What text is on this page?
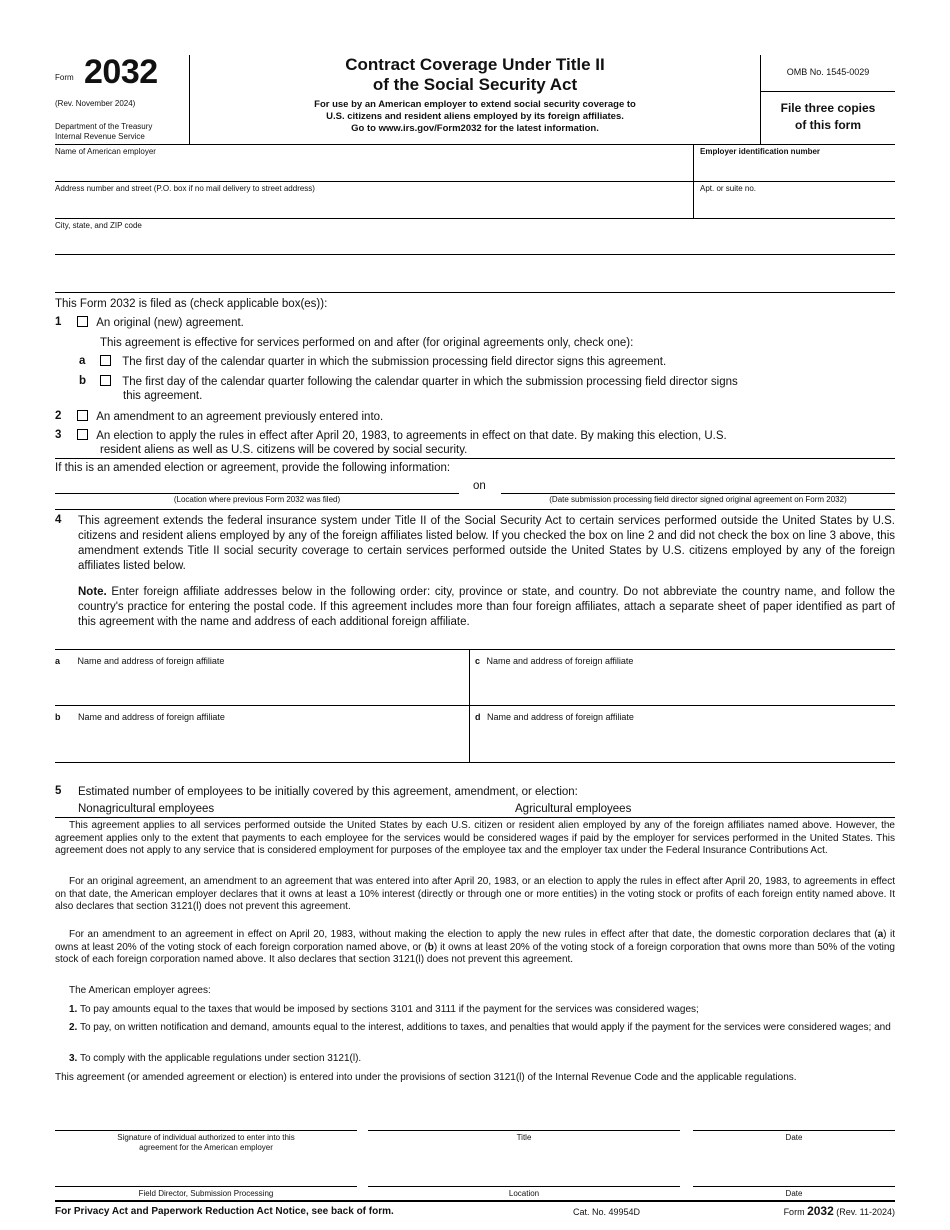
Form 2032
(Rev. November 2024)
Department of the Treasury
Internal Revenue Service
Contract Coverage Under Title II
of the Social Security Act
For use by an American employer to extend social security coverage to
U.S. citizens and resident aliens employed by its foreign affiliates.
Go to www.irs.gov/Form2032 for the latest information.
OMB No. 1545-0029
File three copies
of this form
Name of American employer	Employer identification number
Address number and street (P.O. box if no mail delivery to street address)	Apt. or suite no.
City, state, and ZIP code
This Form 2032 is filed as (check applicable box(es)):
1	An original (new) agreement.
This agreement is effective for services performed on and after (for original agreements only, check one):
a	The first day of the calendar quarter in which the submission processing field director signs this agreement.
b	The first day of the calendar quarter following the calendar quarter in which the submission processing field director signs
this agreement.
2	An amendment to an agreement previously entered into.
3	An election to apply the rules in effect after April 20, 1983, to agreements in effect on that date. By making this election, U.S.
resident aliens as well as U.S. citizens will be covered by social security.
If this is an amended election or agreement, provide the following information:
on
(Location where previous Form 2032 was filed)	(Date submission processing field director signed original agreement on Form 2032)
4 This agreement extends the federal insurance system under Title II of the Social Security Act to certain services performed outside the United States by U.S. citizens and resident aliens employed by any of the foreign affiliates listed below. If you checked the box on line 2 and did not check the box on line 3 above, this amendment extends Title II social security coverage to certain services performed outside the United States by U.S. citizens employed by any of the foreign affiliates listed below.
Note. Enter foreign affiliate addresses below in the following order: city, province or state, and country. Do not abbreviate the country name, and follow the country's practice for entering the postal code. If this agreement includes more than four foreign affiliates, attach a separate sheet of paper identified as part of this agreement with the name and address of each additional foreign affiliate.
a Name and address of foreign affiliate	c Name and address of foreign affiliate
b Name and address of foreign affiliate	d Name and address of foreign affiliate
5 Estimated number of employees to be initially covered by this agreement, amendment, or election:
Nonagricultural employees	Agricultural employees
This agreement applies to all services performed outside the United States by each U.S. citizen or resident alien employed by any of the foreign affiliates named above. However, the agreement applies only to the extent that payments to each employee for the services would be considered wages if paid by the employer for services performed in the United States. This agreement does not apply to any service that is considered employment for purposes of the employee tax and the employer tax under the Federal Insurance Contributions Act.
For an original agreement, an amendment to an agreement that was entered into after April 20, 1983, or an election to apply the rules in effect after April 20, 1983, to agreements in effect on that date, the American employer declares that it owns at least a 10% interest (directly or through one or more entities) in the voting stock or profits of each foreign entity named above. It also declares that section 3121(l) does not prevent this agreement.
For an amendment to an agreement in effect on April 20, 1983, without making the election to apply the new rules in effect after that date, the domestic corporation declares that (a) it owns at least 20% of the voting stock of each foreign corporation named above, or (b) it owns at least 20% of the voting stock of a foreign corporation that owns more than 50% of the voting stock of each foreign corporation named above. It also declares that section 3121(l) does not prevent this agreement.
The American employer agrees:
1. To pay amounts equal to the taxes that would be imposed by sections 3101 and 3111 if the payment for the services was considered wages;
2. To pay, on written notification and demand, amounts equal to the interest, additions to taxes, and penalties that would apply if the payment for the services were considered wages; and
3. To comply with the applicable regulations under section 3121(l).
This agreement (or amended agreement or election) is entered into under the provisions of section 3121(l) of the Internal Revenue Code and the applicable regulations.
Signature of individual authorized to enter into this
agreement for the American employer
Title	Date
Field Director, Submission Processing	Location	Date
For Privacy Act and Paperwork Reduction Act Notice, see back of form.	Cat. No. 49954D	Form 2032 (Rev. 11-2024)
